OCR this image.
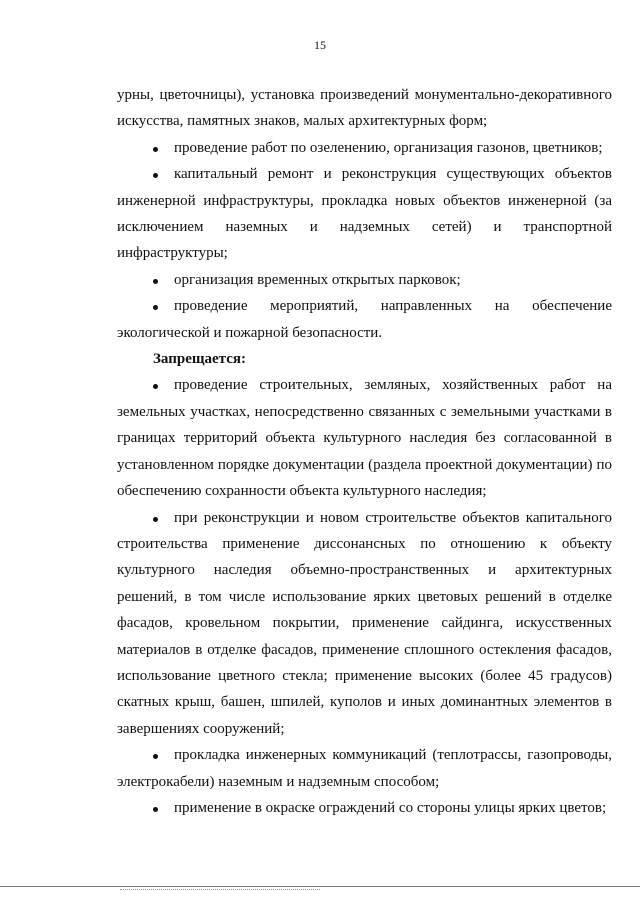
15

урны, цветочницы), установка произведений монументально-декоративного искусства, памятных знаков, малых архитектурных форм;

проведение работ по озеленению, организация газонов, цветников;

капитальный ремонт и реконструкция существующих объектов инженерной инфраструктуры, прокладка новых объектов инженерной (за исключением наземных и надземных сетей) и транспортной инфраструктуры;

организация временных открытых парковок;

проведение мероприятий, направленных на обеспечение экологической и пожарной безопасности.

Запрещается:

проведение строительных, земляных, хозяйственных работ на земельных участках, непосредственно связанных с земельными участками в границах территорий объекта культурного наследия без согласованной в установленном порядке документации (раздела проектной документации) по обеспечению сохранности объекта культурного наследия;

при реконструкции и новом строительстве объектов капитального строительства применение диссонансных по отношению к объекту культурного наследия объемно-пространственных и архитектурных решений, в том числе использование ярких цветовых решений в отделке фасадов, кровельном покрытии, применение сайдинга, искусственных материалов в отделке фасадов, применение сплошного остекления фасадов, использование цветного стекла; применение высоких (более 45 градусов) скатных крыш, башен, шпилей, куполов и иных доминантных элементов в завершениях сооружений;

прокладка инженерных коммуникаций (теплотрассы, газопроводы, электрокабели) наземным и надземным способом;

применение в окраске ограждений со стороны улицы ярких цветов;
